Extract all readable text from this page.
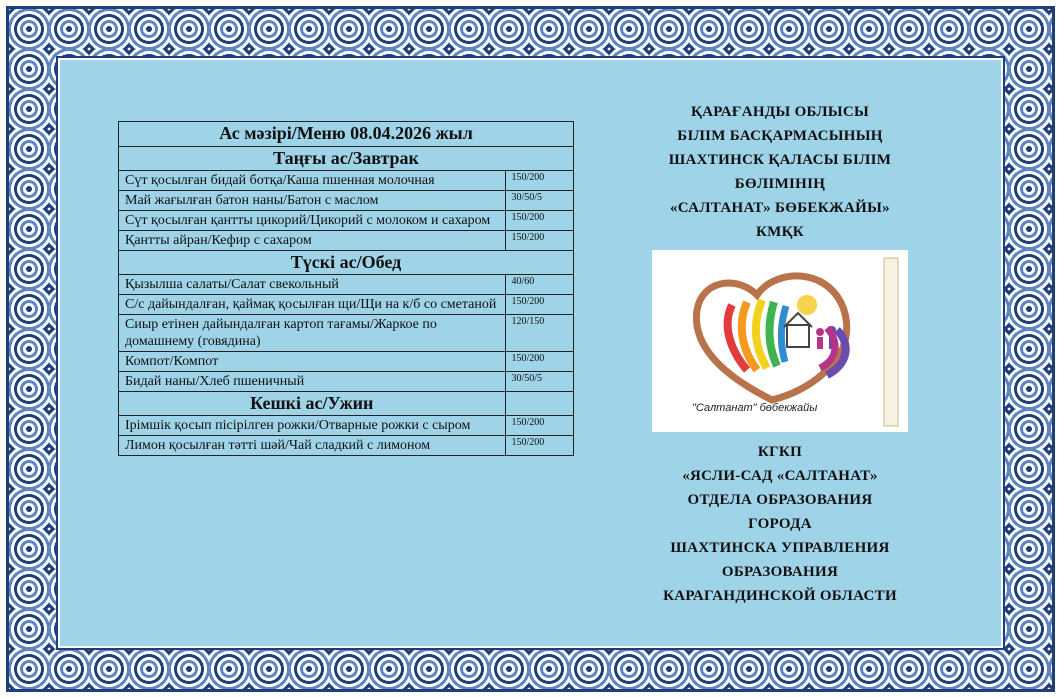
Ас мәзірі/Меню 08.04.2026 жыл	
Таңғы ас/Завтрак	
Сүт қосылған бидай ботқа/Каша пшенная молочная	150/200
Май жағылған батон наны/Батон с маслом	30/50/5
Сүт қосылған қантты цикорий/Цикорий с молоком и сахаром	150/200
Қантты айран/Кефир с сахаром	150/200
Түскі ас/Обед	
Қызылша салаты/Салат свекольный	40/60
С/с дайындалған, қаймақ қосылған щи/Щи на к/б со сметаной	150/200
Сиыр етінен дайындалған картоп тағамы/Жаркое по домашнему (говядина)	120/150
Компот/Компот	150/200
Бидай наны/Хлеб пшеничный	30/50/5
Кешкі ас/Ужин	
Ірімшік қосып пісірілген рожки/Отварные рожки с сыром	150/200
Лимон қосылған тәтті шәй/Чай сладкий с лимоном	150/200
ҚАРАҒАНДЫ ОБЛЫСЫ
БІЛІМ БАСҚАРМАСЫНЫҢ
ШАХТИНСК ҚАЛАСЫ БІЛІМ
БӨЛІМІНІҢ
«САЛТАНАТ» БӨБЕКЖАЙЫ»
КМҚК
"Салтанат" бөбекжайы
КГКП
«ЯСЛИ-САД «САЛТАНАТ»
ОТДЕЛА ОБРАЗОВАНИЯ
ГОРОДА
ШАХТИНСКА УПРАВЛЕНИЯ
ОБРАЗОВАНИЯ
КАРАГАНДИНСКОЙ ОБЛАСТИ
